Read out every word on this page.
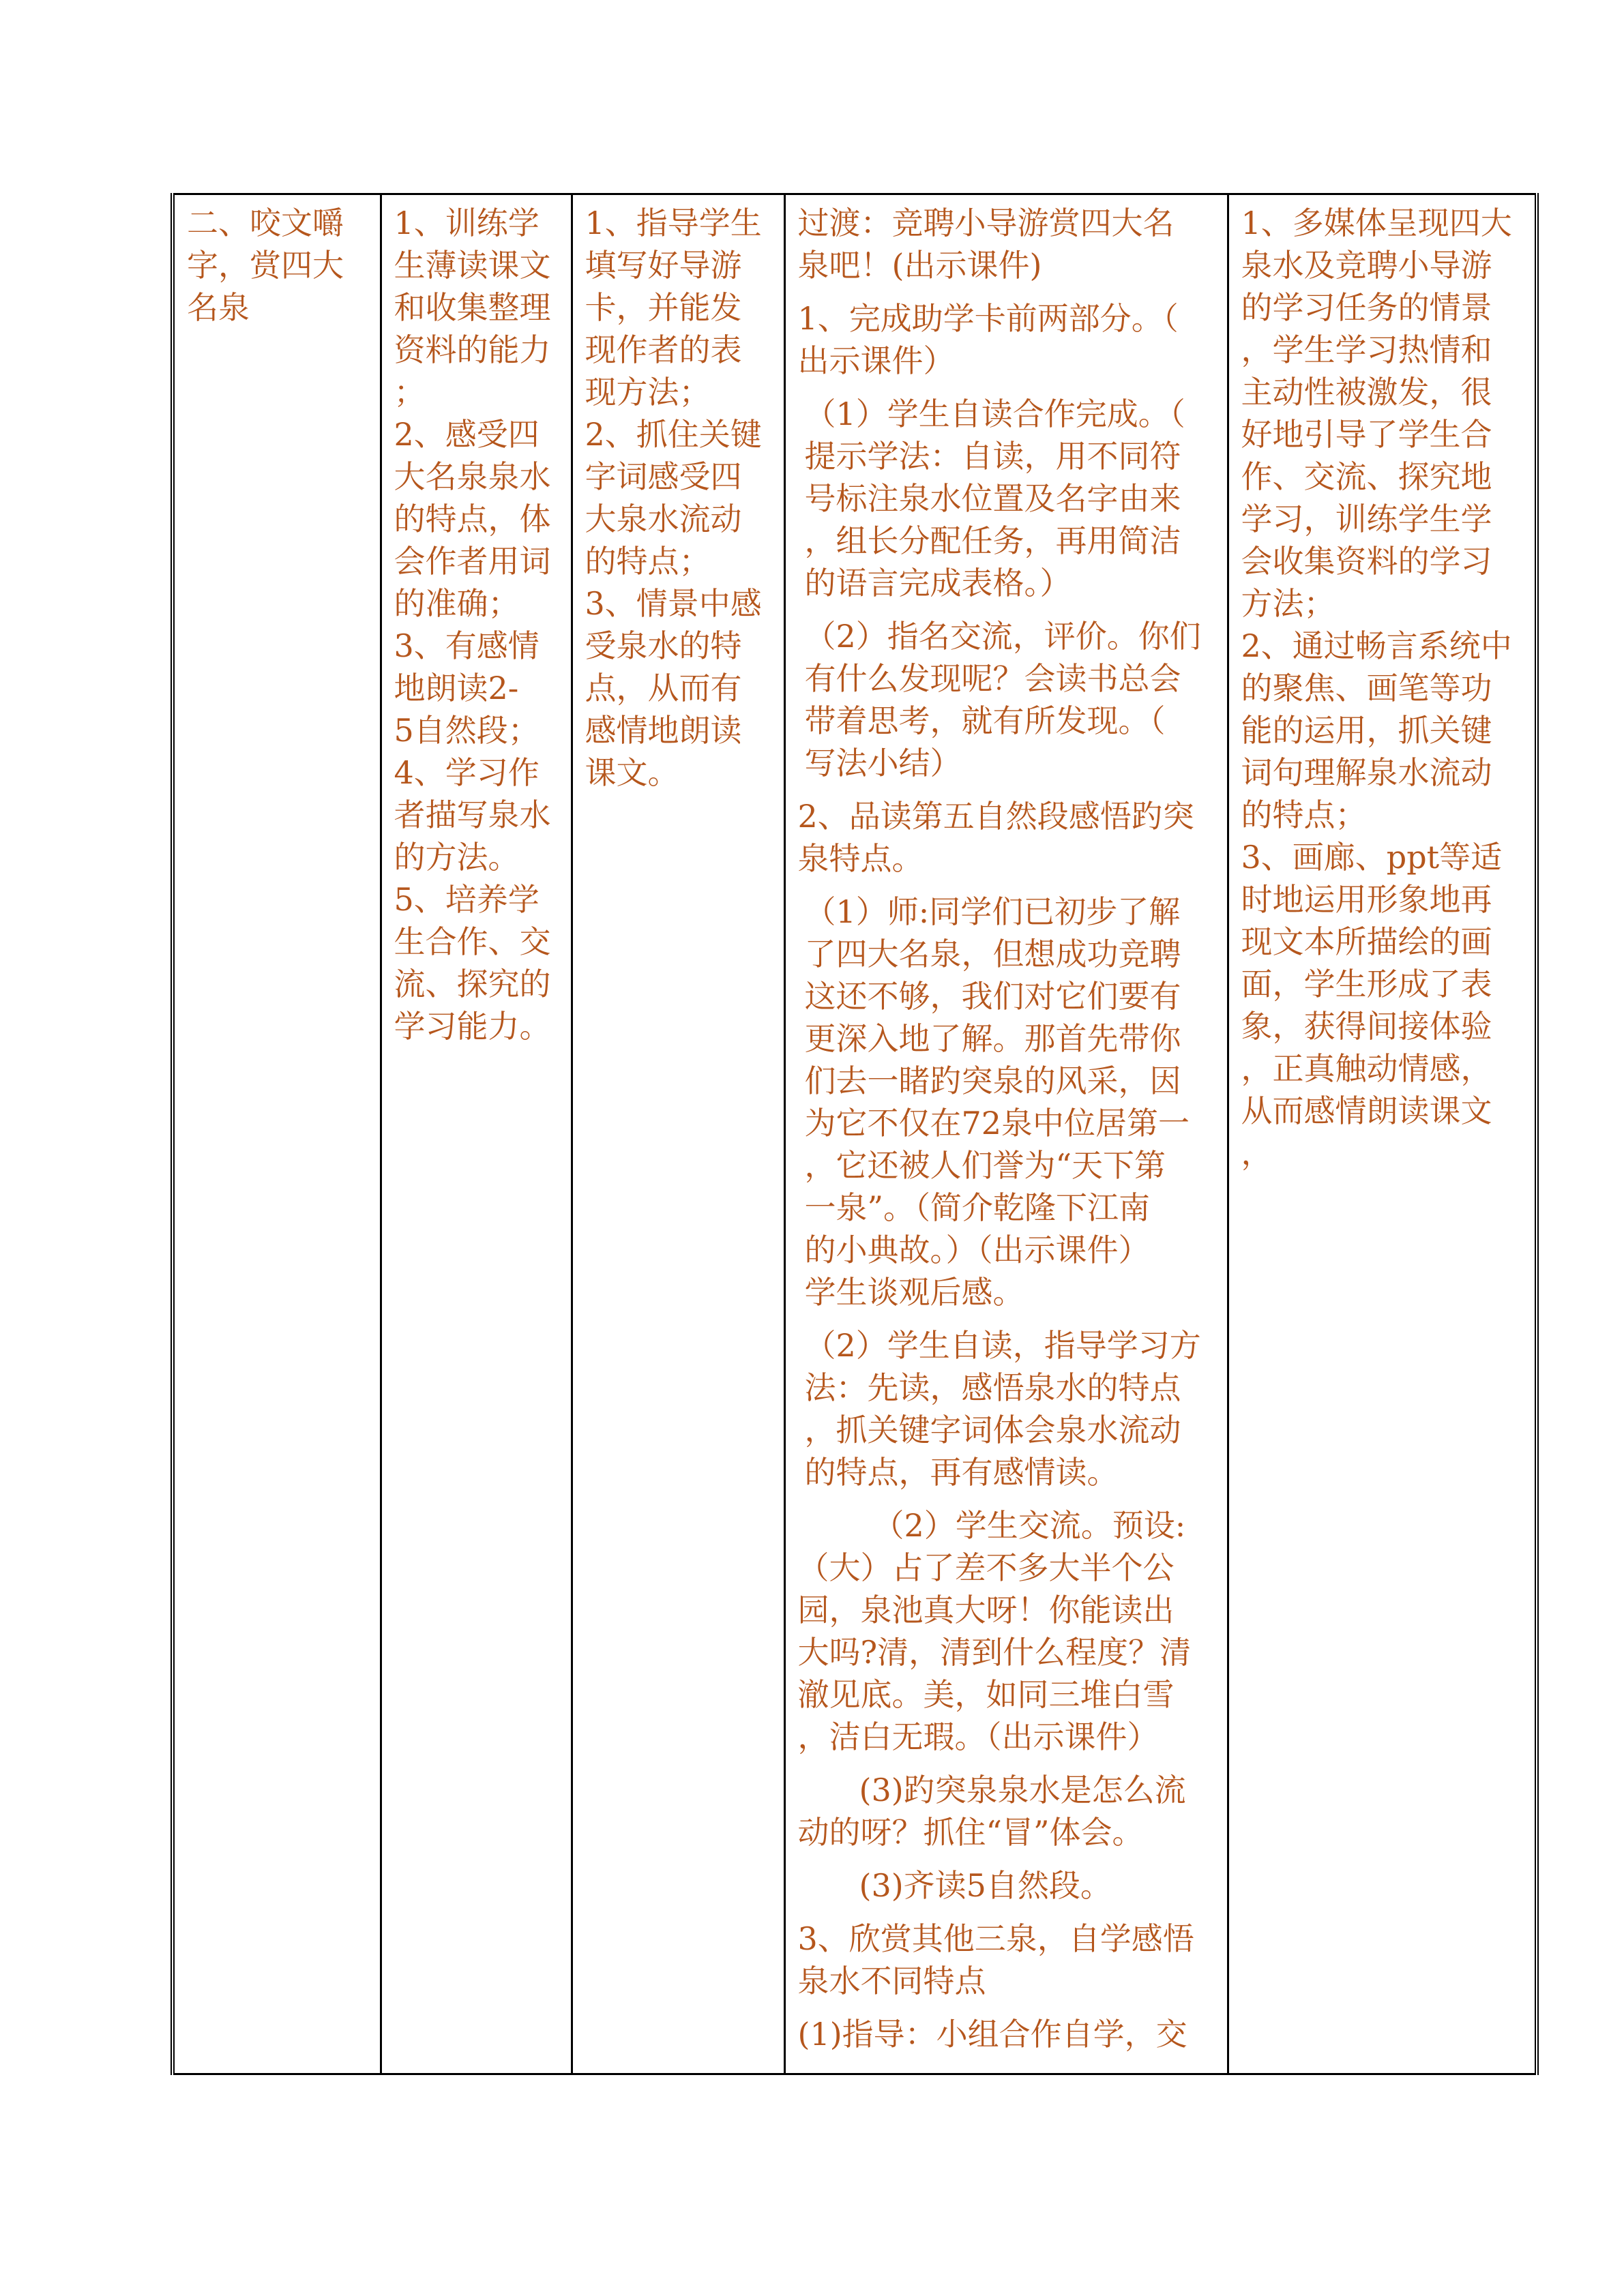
二、咬文嚼
字，赏四大
名泉

1、训练学
生薄读课文
和收集整理
资料的能力
；
2、感受四
大名泉泉水
的特点，体
会作者用词
的准确；
3、有感情
地朗读2-
5自然段；
4、学习作
者描写泉水
的方法。
5、培养学
生合作、交
流、探究的
学习能力。

1、指导学生
填写好导游
卡，并能发
现作者的表
现方法；
2、抓住关键
字词感受四
大泉水流动
的特点；
3、情景中感
受泉水的特
点，从而有
感情地朗读
课文。

过渡：竞聘小导游赏四大名
泉吧！(出示课件)
1、完成助学卡前两部分。（
出示课件）
（1）学生自读合作完成。（
提示学法：自读，用不同符
号标注泉水位置及名字由来
，组长分配任务，再用简洁
的语言完成表格。）
（2）指名交流，评价。你们
有什么发现呢？会读书总会
带着思考，就有所发现。（
写法小结）
2、品读第五自然段感悟趵突
泉特点。
（1）师:同学们已初步了解
了四大名泉，但想成功竞聘
这还不够，我们对它们要有
更深入地了解。那首先带你
们去一睹趵突泉的风采，因
为它不仅在72泉中位居第一
，它还被人们誉为“天下第
一泉”。（简介乾隆下江南
的小典故。）（出示课件）
学生谈观后感。
（2）学生自读，指导学习方
法：先读，感悟泉水的特点
，抓关键字词体会泉水流动
的特点，再有感情读。
（2）学生交流。预设:
（大）占了差不多大半个公
园，泉池真大呀！你能读出
大吗?清，清到什么程度？清
澈见底。美，如同三堆白雪
，洁白无瑕。（出示课件）
(3)趵突泉泉水是怎么流
动的呀？抓住“冒”体会。
(3)齐读5自然段。
3、欣赏其他三泉，自学感悟
泉水不同特点
(1)指导：小组合作自学，交

1、多媒体呈现四大
泉水及竞聘小导游
的学习任务的情景
，学生学习热情和
主动性被激发，很
好地引导了学生合
作、交流、探究地
学习，训练学生学
会收集资料的学习
方法；
2、通过畅言系统中
的聚焦、画笔等功
能的运用，抓关键
词句理解泉水流动
的特点；
3、画廊、ppt等适
时地运用形象地再
现文本所描绘的画
面，学生形成了表
象，获得间接体验
，正真触动情感，
从而感情朗读课文
，
